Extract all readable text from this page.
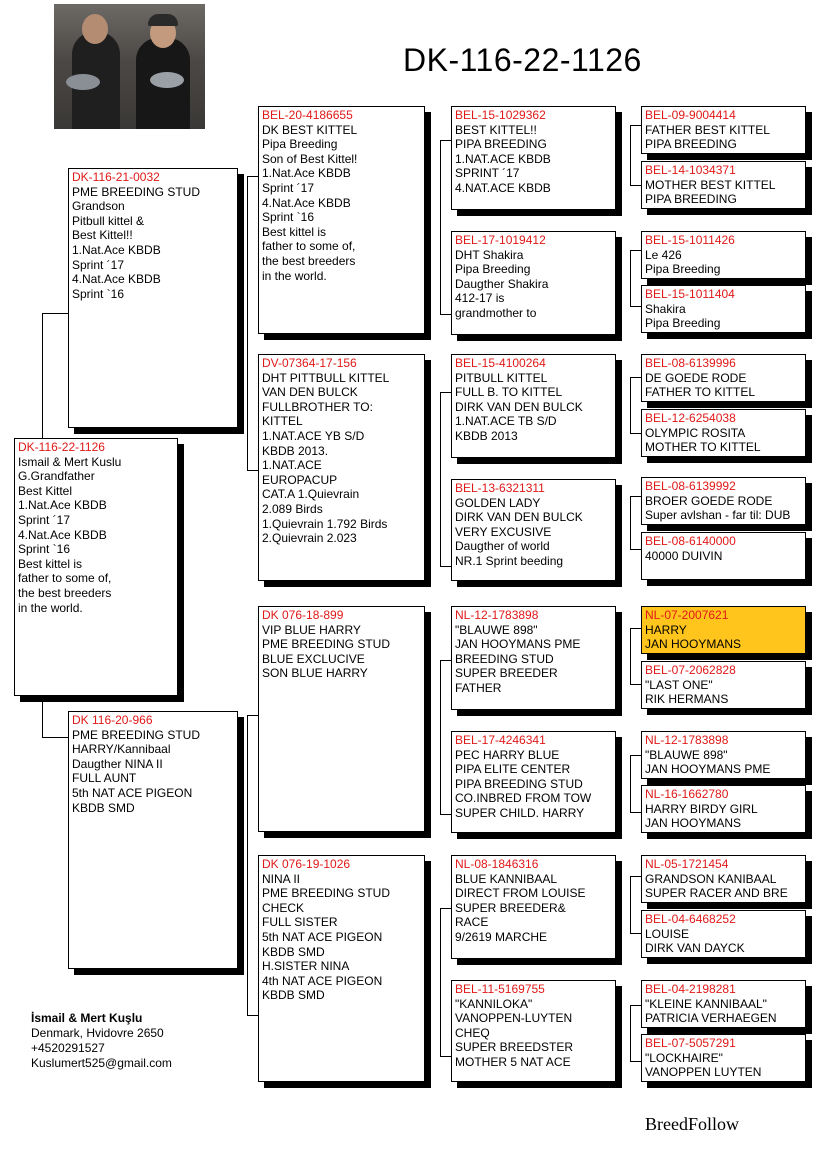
DK-116-22-1126
DK-116-22-1126
Ismail & Mert Kuslu
G.Grandfather
Best Kittel
1.Nat.Ace KBDB
Sprint ´17
4.Nat.Ace KBDB
Sprint `16
Best kittel is
father to some of,
the best breeders
in the world.
DK-116-21-0032
PME BREEDING STUD
Grandson
Pitbull kittel &
Best Kittel!!
1.Nat.Ace KBDB
Sprint ´17
4.Nat.Ace KBDB
Sprint `16
DK 116-20-966
PME BREEDING STUD
HARRY/Kannibaal
Daugther NINA II
FULL AUNT
5th NAT ACE PIGEON
KBDB SMD
BEL-20-4186655
DK BEST KITTEL
Pipa Breeding
Son of Best Kittel!
1.Nat.Ace KBDB
Sprint ´17
4.Nat.Ace KBDB
Sprint `16
Best kittel is
father to some of,
the best breeders
in the world.
DV-07364-17-156
DHT PITTBULL KITTEL
VAN DEN BULCK
FULLBROTHER TO:
KITTEL
1.NAT.ACE YB S/D
KBDB 2013.
1.NAT.ACE
EUROPACUP
CAT.A 1.Quievrain
2.089 Birds
1.Quievrain 1.792 Birds
2.Quievrain 2.023
DK 076-18-899
VIP BLUE HARRY
PME BREEDING STUD
BLUE EXCLUCIVE
SON BLUE HARRY
DK 076-19-1026
NINA II
PME BREEDING STUD
CHECK
FULL SISTER
5th NAT ACE PIGEON
KBDB SMD
H.SISTER NINA
4th NAT ACE PIGEON
KBDB SMD
BEL-15-1029362
BEST KITTEL!!
PIPA BREEDING
1.NAT.ACE KBDB
SPRINT ´17
4.NAT.ACE KBDB
BEL-17-1019412
DHT Shakira
Pipa Breeding
Daugther Shakira
412-17 is
grandmother to
BEL-15-4100264
PITBULL KITTEL
FULL B. TO KITTEL
DIRK VAN DEN BULCK
1.NAT.ACE TB S/D
KBDB 2013
BEL-13-6321311
GOLDEN LADY
DIRK VAN DEN BULCK
VERY EXCUSIVE
Daugther of world
NR.1 Sprint beeding
NL-12-1783898
"BLAUWE 898"
JAN HOOYMANS PME
BREEDING STUD
SUPER BREEDER
FATHER
BEL-17-4246341
PEC HARRY BLUE
PIPA ELITE CENTER
PIPA BREEDING STUD
CO.INBRED FROM TOW
SUPER CHILD. HARRY
NL-08-1846316
BLUE KANNIBAAL
DIRECT FROM LOUISE
SUPER BREEDER&
RACE
9/2619 MARCHE
BEL-11-5169755
"KANNILOKA"
VANOPPEN-LUYTEN
CHEQ
SUPER BREEDSTER
MOTHER 5 NAT ACE
BEL-09-9004414
FATHER BEST KITTEL
PIPA BREEDING
BEL-14-1034371
MOTHER BEST KITTEL
PIPA BREEDING
BEL-15-1011426
Le 426
Pipa Breeding
BEL-15-1011404
Shakira
Pipa Breeding
BEL-08-6139996
DE GOEDE RODE
FATHER TO KITTEL
BEL-12-6254038
OLYMPIC ROSITA
MOTHER TO KITTEL
BEL-08-6139992
BROER GOEDE RODE
Super avlshan - far til: DUB
BEL-08-6140000
40000 DUIVIN
NL-07-2007621
HARRY
JAN HOOYMANS
BEL-07-2062828
"LAST ONE"
RIK HERMANS
NL-12-1783898
"BLAUWE 898"
JAN HOOYMANS PME
NL-16-1662780
HARRY BIRDY GIRL
JAN HOOYMANS
NL-05-1721454
GRANDSON KANIBAAL
SUPER RACER AND BRE
BEL-04-6468252
LOUISE
DIRK VAN DAYCK
BEL-04-2198281
"KLEINE KANNIBAAL"
PATRICIA VERHAEGEN
BEL-07-5057291
"LOCKHAIRE"
VANOPPEN LUYTEN
İsmail & Mert Kuşlu
Denmark, Hvidovre 2650
+4520291527
Kuslumert525@gmail.com
BreedFollow
